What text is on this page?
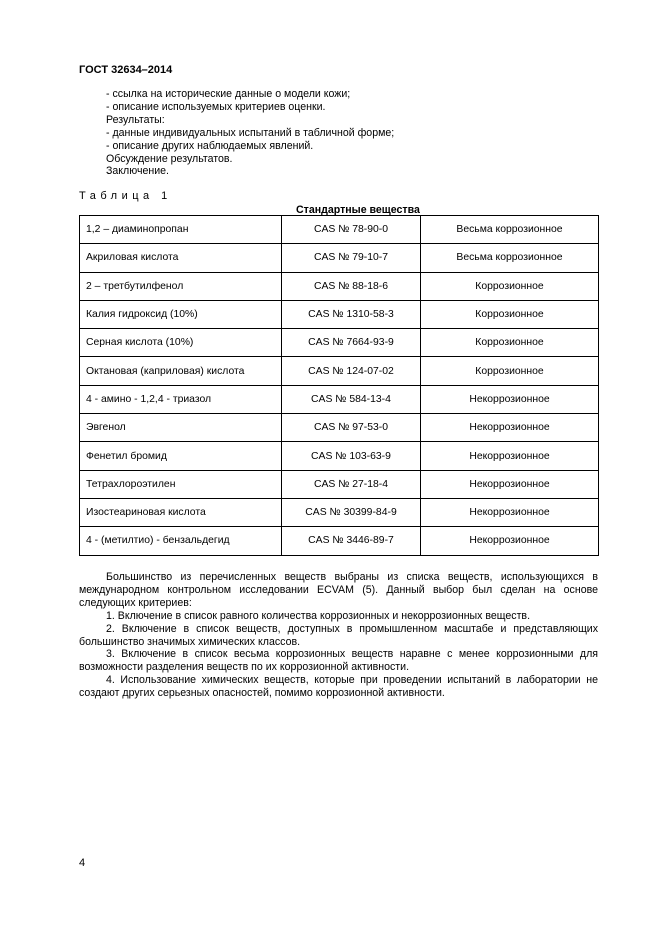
ГОСТ 32634–2014
- ссылка на исторические данные о модели кожи;
- описание используемых критериев оценки.
Результаты:
- данные индивидуальных испытаний в табличной форме;
- описание других наблюдаемых явлений.
Обсуждение результатов.
Заключение.
Таблица 1
Стандартные вещества
1,2 – диаминопропан	CAS № 78-90-0	Весьма коррозионное
Акриловая кислота	CAS № 79-10-7	Весьма коррозионное
2 – третбутилфенол	CAS № 88-18-6	Коррозионное
Калия гидроксид (10%)	CAS № 1310-58-3	Коррозионное
Серная кислота (10%)	CAS № 7664-93-9	Коррозионное
Октановая (каприловая) кислота	CAS № 124-07-02	Коррозионное
4 - амино - 1,2,4 - триазол	CAS № 584-13-4	Некоррозионное
Эвгенол	CAS № 97-53-0	Некоррозионное
Фенетил бромид	CAS № 103-63-9	Некоррозионное
Тетрахлороэтилен	CAS № 27-18-4	Некоррозионное
Изостеариновая кислота	CAS № 30399-84-9	Некоррозионное
4 - (метилтио) - бензальдегид	CAS № 3446-89-7	Некоррозионное

Большинство из перечисленных веществ выбраны из списка веществ, использующихся в международном контрольном исследовании ECVAM (5). Данный выбор был сделан на основе следующих критериев:

1. Включение в список равного количества коррозионных и некоррозионных веществ.

2. Включение в список веществ, доступных в промышленном масштабе и представляющих большинство значимых химических классов.

3. Включение в список весьма коррозионных веществ наравне с менее коррозионными для возможности разделения веществ по их коррозионной активности.

4. Использование химических веществ, которые при проведении испытаний в лаборатории не создают других серьезных опасностей, помимо коррозионной активности.

4
